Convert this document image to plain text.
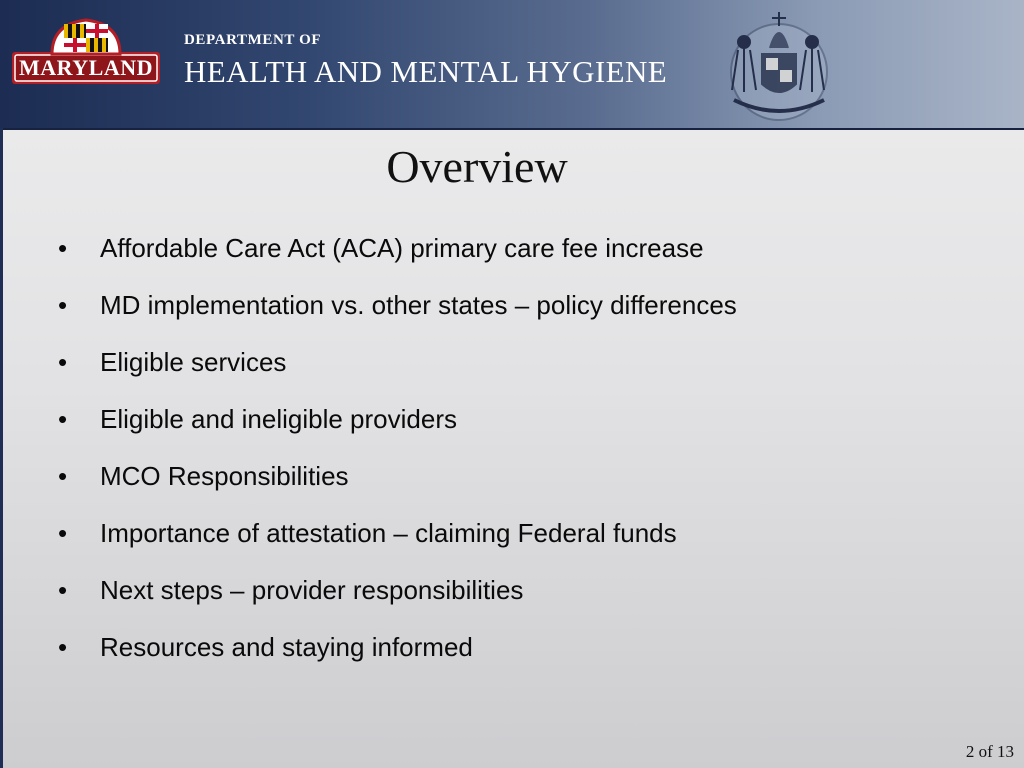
MARYLAND
DEPARTMENT OF
HEALTH AND MENTAL HYGIENE
Overview
•	Affordable Care Act (ACA) primary care fee increase
•	MD implementation vs. other states – policy differences
•	Eligible services
•	Eligible and ineligible providers
•	MCO Responsibilities
•	Importance of attestation – claiming Federal funds
•	Next steps – provider responsibilities
•	Resources and staying informed
2 of 13
